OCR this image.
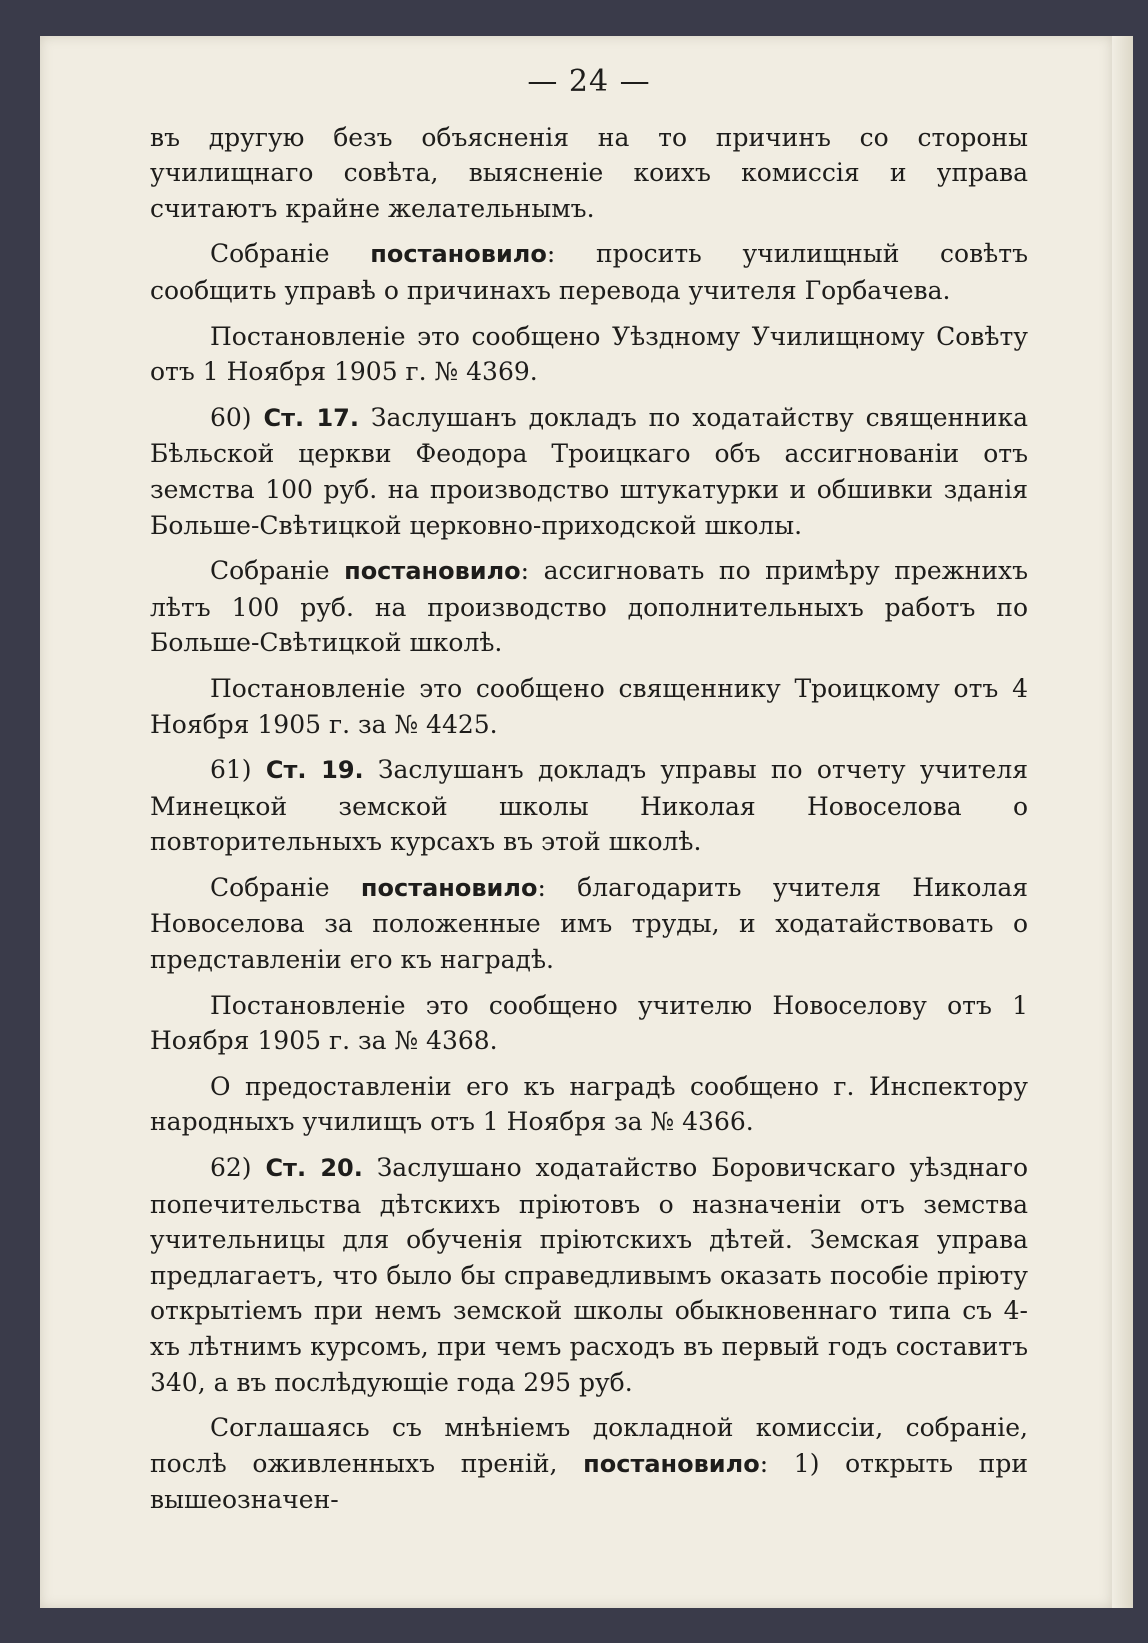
— 24 —

въ другую безъ объясненія на то причинъ со стороны училищнаго совѣта, выясненіе коихъ комиссія и управа считаютъ крайне желательнымъ.

Собраніе постановило: просить училищный совѣтъ сообщить управѣ о причинахъ перевода учителя Горбачева.

Постановленіе это сообщено Уѣздному Училищному Совѣту отъ 1 Ноября 1905 г. № 4369.

60) Ст. 17. Заслушанъ докладъ по ходатайству священника Бѣльской церкви Феодора Троицкаго объ ассигнованіи отъ земства 100 руб. на производство штукатурки и обшивки зданія Больше-Свѣтицкой церковно-приходской школы.

Собраніе постановило: ассигновать по примѣру прежнихъ лѣтъ 100 руб. на производство дополнительныхъ работъ по Больше-Свѣтицкой школѣ.

Постановленіе это сообщено священнику Троицкому отъ 4 Ноября 1905 г. за № 4425.

61) Ст. 19. Заслушанъ докладъ управы по отчету учителя Минецкой земской школы Николая Новоселова о повторительныхъ курсахъ въ этой школѣ.

Собраніе постановило: благодарить учителя Николая Новоселова за положенные имъ труды, и ходатайствовать о представленіи его къ наградѣ.

Постановленіе это сообщено учителю Новоселову отъ 1 Ноября 1905 г. за № 4368.

О предоставленіи его къ наградѣ сообщено г. Инспектору народныхъ училищъ отъ 1 Ноября за № 4366.

62) Ст. 20. Заслушано ходатайство Боровичскаго уѣзднаго попечительства дѣтскихъ пріютовъ о назначеніи отъ земства учительницы для обученія пріютскихъ дѣтей. Земская управа предлагаетъ, что было бы справедливымъ оказать пособіе пріюту открытіемъ при немъ земской школы обыкновеннаго типа съ 4-хъ лѣтнимъ курсомъ, при чемъ расходъ въ первый годъ составитъ 340, а въ послѣдующіе года 295 руб.

Соглашаясь съ мнѣніемъ докладной комиссіи, собраніе, послѣ оживленныхъ преній, постановило: 1) открыть при вышеозначен-
